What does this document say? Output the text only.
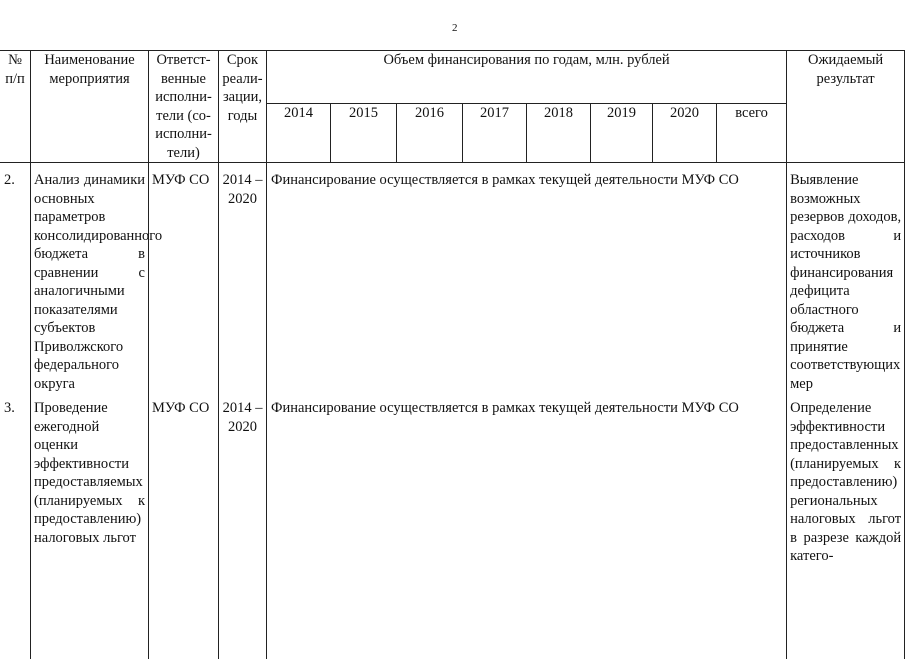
2
№ п/п	Наименование мероприятия	Ответст-венные исполни-тели (со-исполни-тели)	Срок реали-зации, годы	Объем финансирования по годам, млн. рублей								Ожидаемый результат
				2014	2015	2016	2017	2018	2019	2020	всего	
2.	Анализ динамики основных параметров консолидированного бюджета в сравнении с аналогичными показателями субъектов Приволжского федерального округа	МУФ СО	2014 – 2020	Финансирование осуществляется в рамках текущей деятельности МУФ СО								Выявление возможных резервов доходов, расходов и источников финансирования дефицита областного бюджета и принятие соответствующих мер
3.	Проведение ежегодной оценки эффективности предоставляемых (планируемых к предоставлению) налоговых льгот	МУФ СО	2014 – 2020	Финансирование осуществляется в рамках текущей деятельности МУФ СО								Определение эффективности предоставленных (планируемых к предоставлению) региональных налоговых льгот в разрезе каждой катего-
